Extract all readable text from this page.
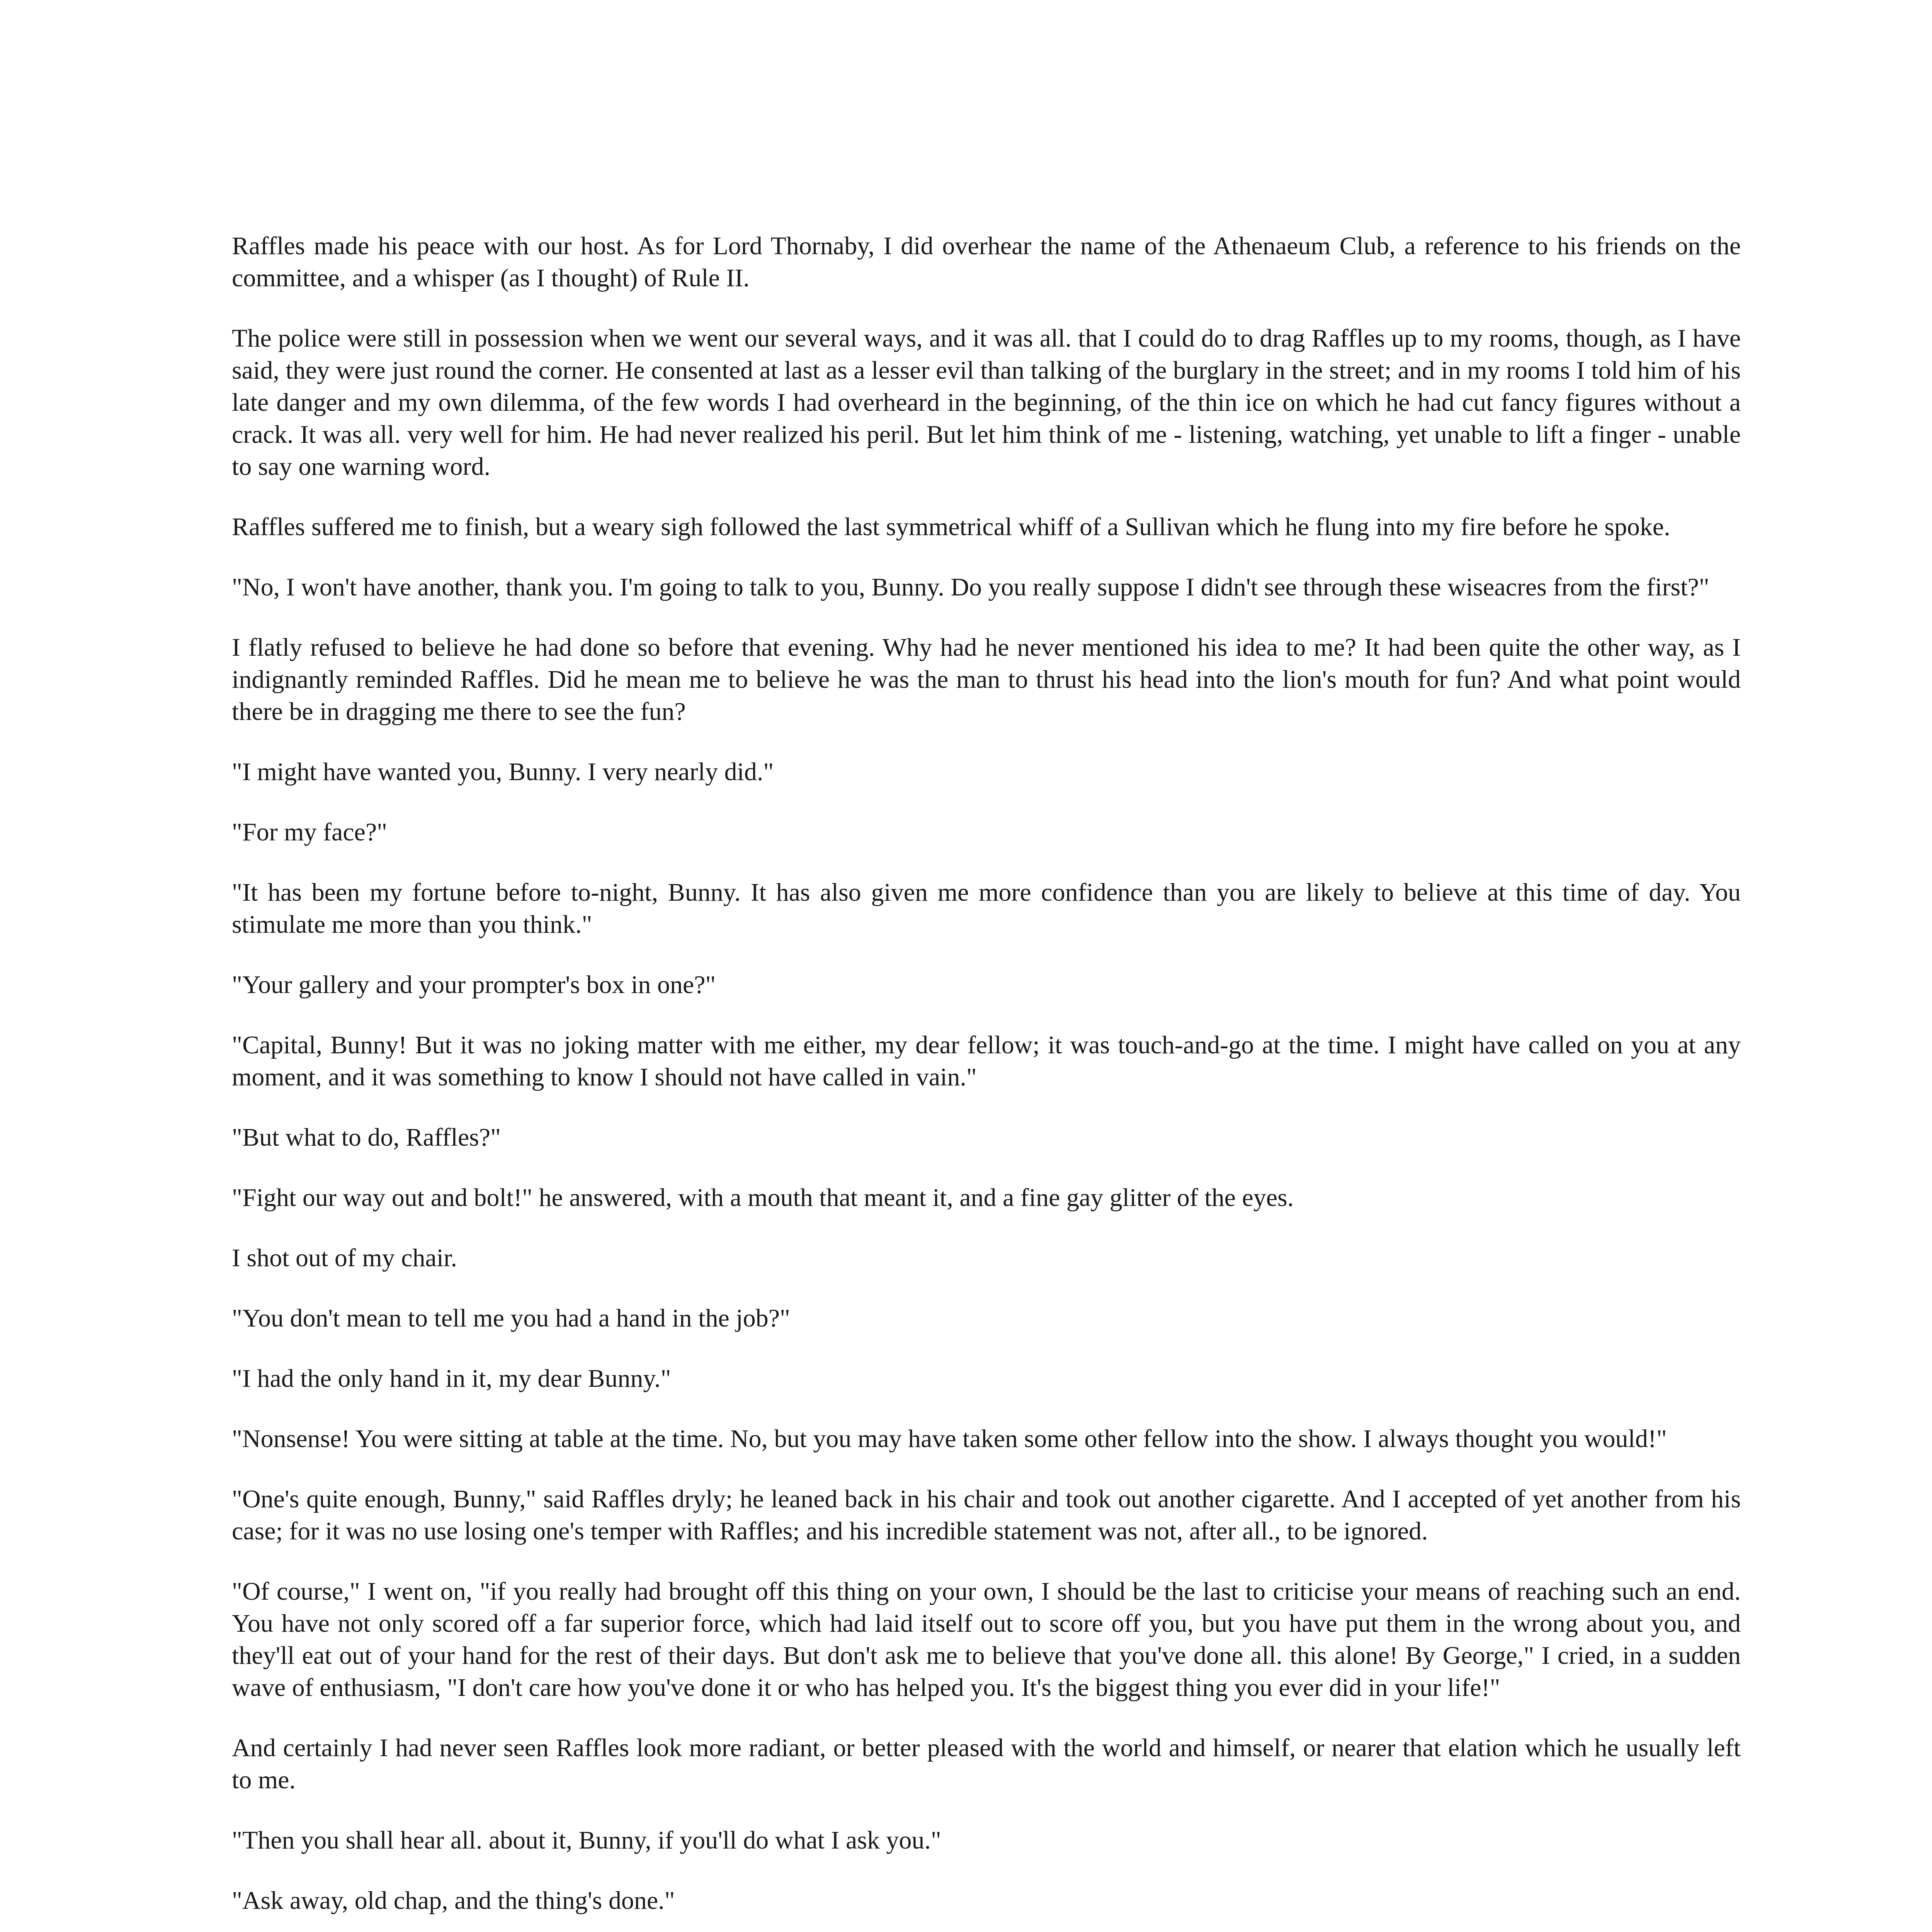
Raffles made his peace with our host. As for Lord Thornaby, I did overhear the name of the Athenaeum Club, a reference to his friends on the committee, and a whisper (as I thought) of Rule II.

The police were still in possession when we went our several ways, and it was all. that I could do to drag Raffles up to my rooms, though, as I have said, they were just round the corner. He consented at last as a lesser evil than talking of the burglary in the street; and in my rooms I told him of his late danger and my own dilemma, of the few words I had overheard in the beginning, of the thin ice on which he had cut fancy figures without a crack. It was all. very well for him. He had never realized his peril. But let him think of me - listening, watching, yet unable to lift a finger - unable to say one warning word.

Raffles suffered me to finish, but a weary sigh followed the last symmetrical whiff of a Sullivan which he flung into my fire before he spoke.

"No, I won't have another, thank you. I'm going to talk to you, Bunny. Do you really suppose I didn't see through these wiseacres from the first?"

I flatly refused to believe he had done so before that evening. Why had he never mentioned his idea to me? It had been quite the other way, as I indignantly reminded Raffles. Did he mean me to believe he was the man to thrust his head into the lion's mouth for fun? And what point would there be in dragging me there to see the fun?

"I might have wanted you, Bunny. I very nearly did."

"For my face?"

"It has been my fortune before to-night, Bunny. It has also given me more confidence than you are likely to believe at this time of day. You stimulate me more than you think."

"Your gallery and your prompter's box in one?"

"Capital, Bunny! But it was no joking matter with me either, my dear fellow; it was touch-and-go at the time. I might have called on you at any moment, and it was something to know I should not have called in vain."

"But what to do, Raffles?"

"Fight our way out and bolt!" he answered, with a mouth that meant it, and a fine gay glitter of the eyes.

I shot out of my chair.

"You don't mean to tell me you had a hand in the job?"

"I had the only hand in it, my dear Bunny."

"Nonsense! You were sitting at table at the time. No, but you may have taken some other fellow into the show. I always thought you would!"

"One's quite enough, Bunny," said Raffles dryly; he leaned back in his chair and took out another cigarette. And I accepted of yet another from his case; for it was no use losing one's temper with Raffles; and his incredible statement was not, after all., to be ignored.

"Of course," I went on, "if you really had brought off this thing on your own, I should be the last to criticise your means of reaching such an end. You have not only scored off a far superior force, which had laid itself out to score off you, but you have put them in the wrong about you, and they'll eat out of your hand for the rest of their days. But don't ask me to believe that you've done all. this alone! By George," I cried, in a sudden wave of enthusiasm, "I don't care how you've done it or who has helped you. It's the biggest thing you ever did in your life!"

And certainly I had never seen Raffles look more radiant, or better pleased with the world and himself, or nearer that elation which he usually left to me.

"Then you shall hear all. about it, Bunny, if you'll do what I ask you."

"Ask away, old chap, and the thing's done."
